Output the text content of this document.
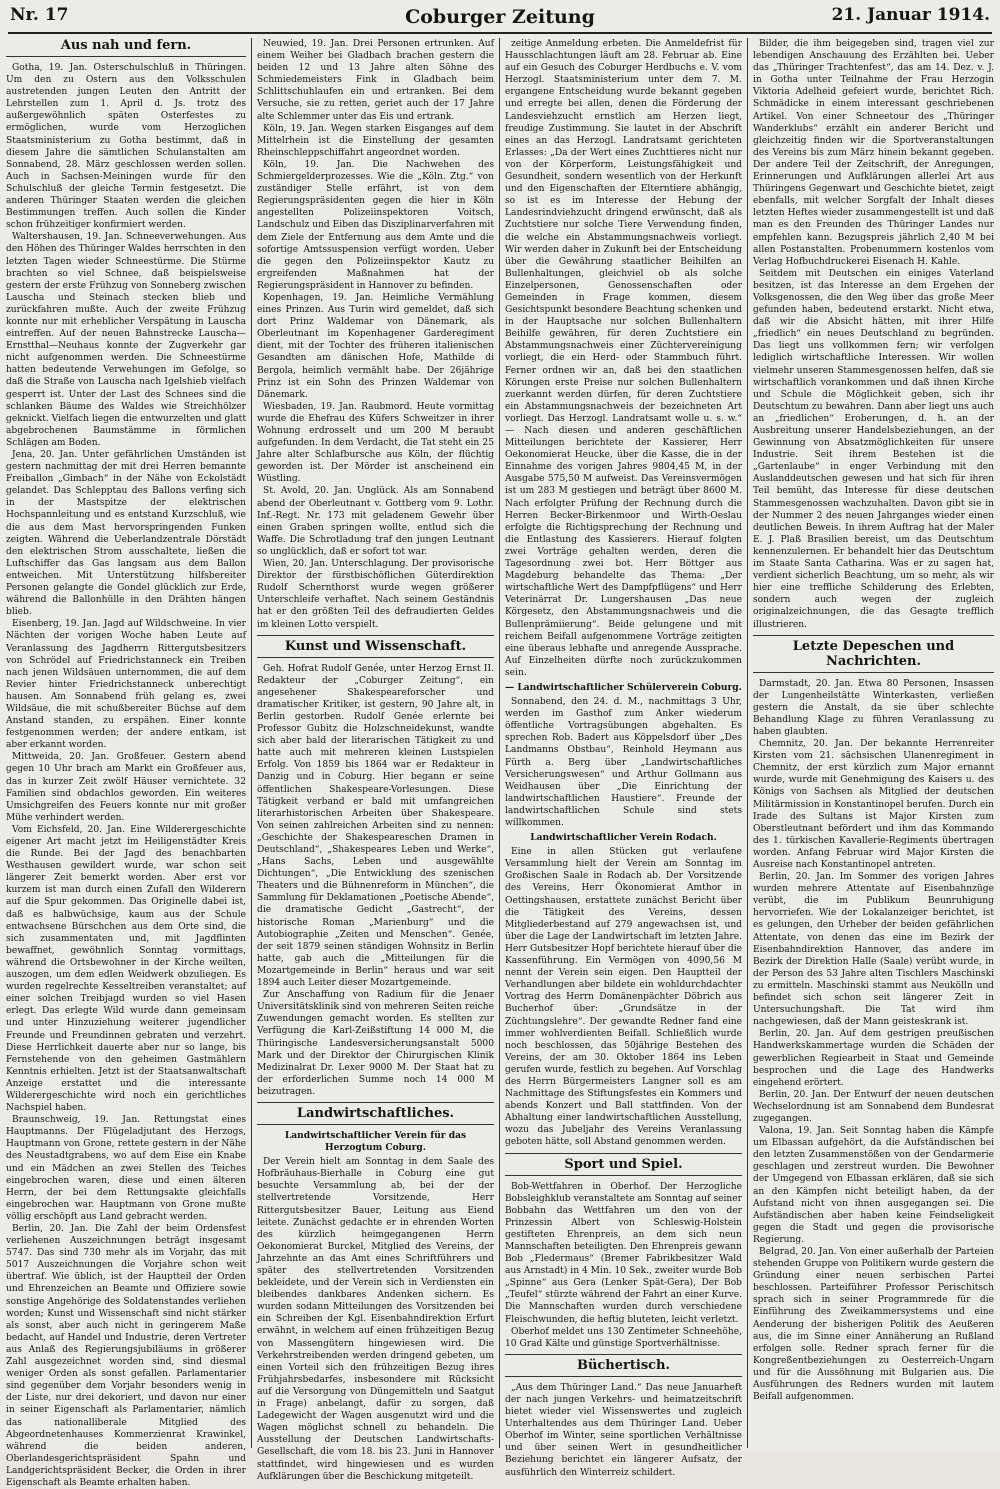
Nr. 17	Coburger Zeitung	21. Januar 1914.
Aus nah und fern.

Gotha, 19. Jan. Osterschulschluß in Thüringen. Um den zu Ostern aus den Volksschulen austretenden jungen Leuten den Antritt der Lehrstellen zum 1. April d. Js. trotz des außergewöhnlich späten Osterfestes zu ermöglichen, wurde vom Herzoglichen Staatsministerium zu Gotha bestimmt, daß in diesem Jahre die sämtlichen Schulanstalten am Sonnabend, 28. März geschlossen werden sollen. Auch in Sachsen-Meiningen wurde für den Schulschluß der gleiche Termin festgesetzt. Die anderen Thüringer Staaten werden die gleichen Bestimmungen treffen. Auch sollen die Kinder schon frühzeitiger konfirmiert werden.

Waltershausen, 19. Jan. Schneeverwehungen. Aus den Höhen des Thüringer Waldes herrschten in den letzten Tagen wieder Schneestürme. Die Stürme brachten so viel Schnee, daß beispielsweise gestern der erste Frühzug von Sonneberg zwischen Lauscha und Steinach stecken blieb und zurückfahren mußte. Auch der zweite Frühzug konnte nur mit erheblicher Verspätung in Lauscha eintreffen. Auf der neuen Bahnstrecke Lauscha—Ernstthal—Neuhaus konnte der Zugverkehr gar nicht aufgenommen werden. Die Schneestürme hatten bedeutende Verwehungen im Gefolge, so daß die Straße von Lauscha nach Igelshieb vielfach gesperrt ist. Unter der Last des Schnees sind die schlanken Bäume des Waldes wie Streichhölzer geknickt. Vielfach liegen die entwurzelten und glatt abgebrochenen Baumstämme in förmlichen Schlägen am Boden.

Jena, 20. Jan. Unter gefährlichen Umständen ist gestern nachmittag der mit drei Herren bemannte Freiballon „Gimbach“ in der Nähe von Eckolstädt gelandet. Das Schlepptau des Ballons verfing sich in der Mastspitze der elektrischen Hochspannleitung und es entstand Kurzschluß, wie die aus dem Mast hervorspringenden Funken zeigten. Während die Ueberlandzentrale Dörstädt den elektrischen Strom ausschaltete, ließen die Luftschiffer das Gas langsam aus dem Ballon entweichen. Mit Unterstützung hilfsbereiter Personen gelangte die Gondel glücklich zur Erde, während die Ballonhülle in den Drähten hängen blieb.

Eisenberg, 19. Jan. Jagd auf Wildschweine. In vier Nächten der vorigen Woche haben Leute auf Veranlassung des Jagdherrn Rittergutsbesitzers von Schrödel auf Friedrichstanneck ein Treiben nach jenen Wildsäuen unternommen, die auf dem Revier hinter Friedrichstanneck unberechtigt hausen. Am Sonnabend früh gelang es, zwei Wildsäue, die mit schußbereiter Büchse auf dem Anstand standen, zu erspähen. Einer konnte festgenommen werden; der andere entkam, ist aber erkannt worden.

Mittweida, 20. Jan. Großfeuer. Gestern abend gegen 10 Uhr brach am Markt ein Großfeuer aus, das in kurzer Zeit zwölf Häuser vernichtete. 32 Familien sind obdachlos geworden. Ein weiteres Umsichgreifen des Feuers konnte nur mit großer Mühe verhindert werden.

Vom Eichsfeld, 20. Jan. Eine Wilderergeschichte eigener Art macht jetzt im Heiligenstädter Kreis die Runde. Bei der Jagd des benachbarten Westhausen gewildert wurde, war schon seit längerer Zeit bemerkt worden. Aber erst vor kurzem ist man durch einen Zufall den Wilderern auf die Spur gekommen. Das Originelle dabei ist, daß es halbwüchsige, kaum aus der Schule entwachsene Bürschchen aus dem Orte sind, die sich zusammentaten und, mit Jagdflinten bewaffnet, gewöhnlich Sonntag vormittags, während die Ortsbewohner in der Kirche weilten, auszogen, um dem edlen Weidwerk obzuliegen. Es wurden regelrechte Kesseltreiben veranstaltet; auf einer solchen Treibjagd wurden so viel Hasen erlegt. Das erlegte Wild wurde dann gemeinsam und unter Hinzuziehung weiterer jugendlicher Freunde und Freundinnen gebraten und verzehrt. Diese Herrlichkeit dauerte aber nur so lange, bis Fernstehende von den geheimen Gastmählern Kenntnis erhielten. Jetzt ist der Staatsanwaltschaft Anzeige erstattet und die interessante Wilderergeschichte wird noch ein gerichtliches Nachspiel haben.

Braunschweig, 19. Jan. Rettungstat eines Hauptmanns. Der Flügeladjutant des Herzogs, Hauptmann von Grone, rettete gestern in der Nähe des Neustadtgrabens, wo auf dem Eise ein Knabe und ein Mädchen an zwei Stellen des Teiches eingebrochen waren, diese und einen älteren Herrn, der bei dem Rettungsakte gleichfalls eingebrochen war. Hauptmann von Grone mußte völlig erschöpft aus Land gebracht werden.

Berlin, 20. Jan. Die Zahl der beim Ordensfest verliehenen Auszeichnungen beträgt insgesamt 5747. Das sind 730 mehr als im Vorjahr, das mit 5017 Auszeichnungen die Vorjahre schon weit übertraf. Wie üblich, ist der Hauptteil der Orden und Ehrenzeichen an Beamte und Offiziere sowie sonstige Angehörige des Soldatenstandes verliehen worden; Kunst und Wissenschaft sind nicht stärker als sonst, aber auch nicht in geringerem Maße bedacht, auf Handel und Industrie, deren Vertreter aus Anlaß des Regierungsjubiläums in größerer Zahl ausgezeichnet worden sind, sind diesmal weniger Orden als sonst gefallen. Parlamentarier sind gegenüber dem Vorjahr besonders wenig in der Liste, nur drei dekoriert, und davon nur einer in seiner Eigenschaft als Parlamentarier, nämlich das nationalliberale Mitglied des Abgeordnetenhauses Kommerzienrat Krawinkel, während die beiden anderen, Oberlandesgerichtspräsident Spahn und Landgerichtspräsident Becker, die Orden in ihrer Eigenschaft als Beamte erhalten haben.

Neuwied, 19. Jan. Drei Personen ertrunken. Auf einem Weiher bei Gladbach brachen gestern die beiden 12 und 13 Jahre alten Söhne des Schmiedemeisters Fink in Gladbach beim Schlittschuhlaufen ein und ertranken. Bei dem Versuche, sie zu retten, geriet auch der 17 Jahre alte Schlemmer unter das Eis und ertrank.

Köln, 19. Jan. Wegen starken Eisganges auf dem Mittelrhein ist die Einstellung der gesamten Rheinschleppschiffahrt angeordnet worden.

Köln, 19. Jan. Die Nachwehen des Schmiergelderprozesses. Wie die „Köln. Ztg.“ von zuständiger Stelle erfährt, ist von dem Regierungspräsidenten gegen die hier in Köln angestellten Polizeiinspektoren Voitsch, Landschulz und Eiben das Disziplinarverfahren mit dem Ziele der Entfernung aus dem Amte und die sofortige Amtssuspension verfügt worden. Ueber die gegen den Polizeiinspektor Kautz zu ergreifenden Maßnahmen hat der Regierungspräsident in Hannover zu befinden.

Kopenhagen, 19. Jan. Heimliche Vermählung eines Prinzen. Aus Turin wird gemeldet, daß sich dort Prinz Waldemar von Dänemark, als Oberleutnant im Kopenhagener Garderegiment dient, mit der Tochter des früheren italienischen Gesandten am dänischen Hofe, Mathilde di Bergola, heimlich vermählt habe. Der 26jährige Prinz ist ein Sohn des Prinzen Waldemar von Dänemark.

Wiesbaden, 19. Jan. Raubmord. Heute vormittag wurde die Ehefrau des Küfers Schweitzer in ihrer Wohnung erdrosselt und um 200 M beraubt aufgefunden. In dem Verdacht, die Tat steht ein 25 Jahre alter Schlafbursche aus Köln, der flüchtig geworden ist. Der Mörder ist anscheinend ein Wüstling.

St. Avold, 20. Jan. Unglück. Als am Sonnabend abend der Oberleutnant v. Gottberg vom 9. Lothr. Inf.-Regt. Nr. 173 mit geladenem Gewehr über einen Graben springen wollte, entlud sich die Waffe. Die Schrotladung traf den jungen Leutnant so unglücklich, daß er sofort tot war.

Wien, 20. Jan. Unterschlagung. Der provisorische Direktor der fürstbischöflichen Güterdirektion Rudolf Schernthorst wurde wegen größerer Unterschleife verhaftet. Nach seinem Geständnis hat er den größten Teil des defraudierten Geldes im kleinen Lotto verspielt.

Kunst und Wissenschaft.

Geh. Hofrat Rudolf Genée, unter Herzog Ernst II. Redakteur der „Coburger Zeitung“, ein angesehener Shakespeareforscher und dramatischer Kritiker, ist gestern, 90 Jahre alt, in Berlin gestorben. Rudolf Genée erlernte bei Professor Gubitz die Holzschneidekunst, wandte sich aber bald der literarischen Tätigkeit zu und hatte auch mit mehreren kleinen Lustspielen Erfolg. Von 1859 bis 1864 war er Redakteur in Danzig und in Coburg. Hier begann er seine öffentlichen Shakespeare-Vorlesungen. Diese Tätigkeit verband er bald mit umfangreichen literarhistorischen Arbeiten über Shakespeare. Von seinen zahlreichen Arbeiten sind zu nennen: „Geschichte der Shakespeareschen Dramen in Deutschland“, „Shakespeares Leben und Werke“, „Hans Sachs, Leben und ausgewählte Dichtungen“, „Die Entwicklung des szenischen Theaters und die Bühnenreform in München“, die Sammlung für Deklamationen „Poetische Abende“, die dramatische Gedicht „Gastrecht“, der historische Roman „Marienburg“ und die Autobiographie „Zeiten und Menschen“. Genée, der seit 1879 seinen ständigen Wohnsitz in Berlin hatte, gab auch die „Mitteilungen für die Mozartgemeinde in Berlin“ heraus und war seit 1894 auch Leiter dieser Mozartgemeinde.

Zur Anschaffung von Radium für die Jenaer Universitätsklinik sind von mehreren Seiten reiche Zuwendungen gemacht worden. Es stellten zur Verfügung die Karl-Zeißstiftung 14 000 M, die Thüringische Landesversicherungsanstalt 5000 Mark und der Direktor der Chirurgischen Klinik Medizinalrat Dr. Lexer 9000 M. Der Staat hat zu der erforderlichen Summe noch 14 000 M beizutragen.

Landwirtschaftliches.
Landwirtschaftlicher Verein für das Herzogtum Coburg.

Der Verein hielt am Sonntag in dem Saale des Hofbräuhaus-Bierhalle in Coburg eine gut besuchte Versammlung ab, bei der der stellvertretende Vorsitzende, Herr Rittergutsbesitzer Bauer, Leitung aus Eiend leitete. Zunächst gedachte er in ehrenden Worten des kürzlich heimgegangenen Herrn Oekonomierat Burckel, Mitglied des Vereins, der Jahrzehnte an das Amt eines Schriftführers und später des stellvertretenden Vorsitzenden bekleidete, und der Verein sich in Verdiensten ein bleibendes dankbares Andenken sichern. Es wurden sodann Mitteilungen des Vorsitzenden bei ein Schreiben der Kgl. Eisenbahndirektion Erfurt erwähnt, in welchem auf einen frühzeitigen Bezug von Massengütern hingewiesen wird. Die Verkehrstreibenden werden dringend gebeten, um einen Vorteil sich den frühzeitigen Bezug ihres Frühjahrsbedarfes, insbesondere mit Rücksicht auf die Versorgung von Düngemitteln und Saatgut in Frage) anbelangt, dafür zu sorgen, daß Ladegewicht der Wagen ausgenutzt wird und die Wagen möglichst schnell zu behandeln. Die Ausstellung der Deutschen Landwirtschafts-Gesellschaft, die vom 18. bis 23. Juni in Hannover stattfindet, wird hingewiesen und es wurden Aufklärungen über die Beschickung mitgeteilt.

zeitige Anmeldung erbeten. Die Anmeldefrist für Hausschlachtungen läuft am 28. Februar ab. Eine auf ein Gesuch des Coburger Herdbuchs e. V. vom Herzogl. Staatsministerium unter dem 7. M. ergangene Entscheidung wurde bekannt gegeben und erregte bei allen, denen die Förderung der Landesviehzucht ernstlich am Herzen liegt, freudige Zustimmung. Sie lautet in der Abschrift eines an das Herzogl. Landratsamt gerichteten Erlasses: „Da der Wert eines Zuchttieres nicht nur von der Körperform, Leistungsfähigkeit und Gesundheit, sondern wesentlich von der Herkunft und den Eigenschaften der Elterntiere abhängig, so ist es im Interesse der Hebung der Landesrindviehzucht dringend erwünscht, daß als Zuchtstiere nur solche Tiere Verwendung finden, die welche ein Abstammungsnachweis vorliegt. Wir werden daher in Zukunft bei der Entscheidung über die Gewährung staatlicher Beihilfen an Bullenhaltungen, gleichviel ob als solche Einzelpersonen, Genossenschaften oder Gemeinden in Frage kommen, diesem Gesichtspunkt besondere Beachtung schenken und in der Hauptsache nur solchen Bullenhaltern Beihilfe gewähren, für deren Zuchtstiere ein Abstammungsnachweis einer Züchtervereinigung vorliegt, die ein Herd- oder Stammbuch führt. Ferner ordnen wir an, daß bei den staatlichen Körungen erste Preise nur solchen Bullenhaltern zuerkannt werden dürfen, für deren Zuchtstiere ein Abstammungsnachweis der bezeichneten Art vorliegt. Das Herzogl. Landratsamt wolle u. s. w.“ — Nach diesen und anderen geschäftlichen Mitteilungen berichtete der Kassierer, Herr Oekonomierat Heucke, über die Kasse, die in der Einnahme des vorigen Jahres 9804,45 M, in der Ausgabe 575,50 M aufweist. Das Vereinsvermögen ist um 283 M gestiegen und beträgt über 8600 M. Nach erfolgter Prüfung der Rechnung durch die Herren Becker-Birkenmoor und Wirth-Oeslau erfolgte die Richtigsprechung der Rechnung und die Entlastung des Kassierers. Hierauf folgten zwei Vorträge gehalten werden, deren die Tagesordnung zwei bot. Herr Böttger aus Magdeburg behandelte das Thema: „Der wirtschaftliche Wert des Dampfpflügens“ und Herr Veterinärrat Dr. Lungershausen „Das neue Körgesetz, den Abstammungsnachweis und die Bullenprämiierung“. Beide gelungene und mit reichem Beifall aufgenommene Vorträge zeitigten eine überaus lebhafte und anregende Aussprache. Auf Einzelheiten dürfte noch zurückzukommen sein.

— Landwirtschaftlicher Schülerverein Coburg.

Sonnabend, den 24. d. M., nachmittags 3 Uhr, werden im Gasthof zum Anker wiederum öffentliche Vortragsübungen abgehalten. Es sprechen Rob. Badert aus Köppelsdorf über „Des Landmanns Obstbau“, Reinhold Heymann aus Fürth a. Berg über „Landwirtschaftliches Versicherungswesen“ und Arthur Gollmann aus Weidhausen über „Die Einrichtung der landwirtschaftlichen Haustiere“. Freunde der landwirtschaftlichen Schule sind stets willkommen.

Landwirtschaftlicher Verein Rodach.

Eine in allen Stücken gut verlaufene Versammlung hielt der Verein am Sonntag im Großischen Saale in Rodach ab. Der Vorsitzende des Vereins, Herr Ökonomierat Amthor in Oettingshausen, erstattete zunächst Bericht über die Tätigkeit des Vereins, dessen Mitgliederbestand auf 279 angewachsen ist, und über die Lage der Landwirtschaft im letzten Jahre. Herr Gutsbesitzer Hopf berichtete hierauf über die Kassenführung. Ein Vermögen von 4090,56 M nennt der Verein sein eigen. Den Hauptteil der Verhandlungen aber bildete ein wohldurchdachter Vortrag des Herrn Domänenpächter Döbrich aus Bucherhof über: „Grundsätze in der Züchtungslehre“. Der gewandte Redner fand eine immer wohlverdienten Beifall. Schließlich wurde noch beschlossen, das 50jährige Bestehen des Vereins, der am 30. Oktober 1864 ins Leben gerufen wurde, festlich zu begehen. Auf Vorschlag des Herrn Bürgermeisters Langner soll es am Nachmittage des Stiftungsfestes ein Kommers und abends Konzert und Ball stattfinden. Von der Abhaltung einer landwirtschaftlichen Ausstellung, wozu das Jubeljahr des Vereins Veranlassung geboten hätte, soll Abstand genommen werden.

Sport und Spiel.

Bob-Wettfahren in Oberhof. Der Herzogliche Bobsleighklub veranstaltete am Sonntag auf seiner Bobbahn das Wettfahren um den von der Prinzessin Albert von Schleswig-Holstein gestifteten Ehrenpreis, an dem sich neun Mannschaften beteiligten. Den Ehrenpreis gewann Bob „Fledermaus“ (Bremer Fabrikbesitzer Wald aus Arnstadt) in 4 Min. 10 Sek., zweiter wurde Bob „Spinne“ aus Gera (Lenker Spät-Gera), Der Bob „Teufel“ stürzte während der Fahrt an einer Kurve. Die Mannschaften wurden durch verschiedene Fleischwunden, die heftig bluteten, leicht verletzt.

Oberhof meldet uns 130 Zentimeter Schneehöhe, 10 Grad Kälte und günstige Sportverhältnisse.

Büchertisch.

„Aus dem Thüringer Land.“ Das neue Januarheft der nach jungen Verkehrs- und heimatzeitschrift bietet wieder viel Wissenswertes und zugleich Unterhaltendes aus dem Thüringer Land. Ueber Oberhof im Winter, seine sportlichen Verhältnisse und über seinen Wert in gesundheitlicher Beziehung berichtet ein längerer Aufsatz, der ausführlich den Winterreiz schildert.

Bilder, die ihm beigegeben sind, tragen viel zur lebendigen Anschauung des Erzählten bei. Ueber das „Thüringer Trachtenfest“, das am 14. Dez. v. J. in Gotha unter Teilnahme der Frau Herzogin Viktoria Adelheid gefeiert wurde, berichtet Rich. Schmädicke in einem interessant geschriebenen Artikel. Von einer Schneetour des „Thüringer Wanderklubs“ erzählt ein anderer Bericht und gleichzeitig finden wir die Sportveranstaltungen des Vereins bis zum März hinein bekannt gegeben. Der andere Teil der Zeitschrift, der Anregungen, Erinnerungen und Aufklärungen allerlei Art aus Thüringens Gegenwart und Geschichte bietet, zeigt ebenfalls, mit welcher Sorgfalt der Inhalt dieses letzten Heftes wieder zusammengestellt ist und daß man es den Freunden des Thüringer Landes nur empfehlen kann. Bezugspreis jährlich 2,40 M bei allen Postanstalten. Probenummern kostenlos vom Verlag Hofbuchdruckerei Eisenach H. Kahle.

Seitdem mit Deutschen ein einiges Vaterland besitzen, ist das Interesse an dem Ergehen der Volksgenossen, die den Weg über das große Meer gefunden haben, bedeutend erstarkt. Nicht etwa, daß wir die Absicht hätten, mit ihrer Hilfe „friedlich“ ein neues Deutschland zu begründen. Das liegt uns vollkommen fern; wir verfolgen lediglich wirtschaftliche Interessen. Wir wollen vielmehr unseren Stammesgenossen helfen, daß sie wirtschaftlich vorankommen und daß ihnen Kirche und Schule die Möglichkeit geben, sich ihr Deutschtum zu bewahren. Dann aber liegt uns auch an „friedlichen“ Eroberungen, d. h. an der Ausbreitung unserer Handelsbeziehungen, an der Gewinnung von Absatzmöglichkeiten für unsere Industrie. Seit ihrem Bestehen ist die „Gartenlaube“ in enger Verbindung mit den Auslanddeutschen gewesen und hat sich für ihren Teil bemüht, das Interesse für diese deutschen Stammesgenossen wachzuhalten. Davon gibt sie in der Nummer 2 des neuen Jahrganges wieder einen deutlichen Beweis. In ihrem Auftrag hat der Maler E. J. Plaß Brasilien bereist, um das Deutschtum kennenzulernen. Er behandelt hier das Deutschtum im Staate Santa Catharina. Was er zu sagen hat, verdient sicherlich Beachtung, um so mehr, als wir hier eine treffliche Schilderung des Erlebten, sondern auch wegen der zugleich originalzeichnungen, die das Gesagte trefflich illustrieren.

Letzte Depeschen und Nachrichten.

Darmstadt, 20. Jan. Etwa 80 Personen, Insassen der Lungenheilstätte Winterkasten, verließen gestern die Anstalt, da sie über schlechte Behandlung Klage zu führen Veranlassung zu haben glaubten.

Chemnitz, 20. Jan. Der bekannte Herrenreiter Kirsten vom 21. sächsischen Ulanenregiment in Chemnitz, der erst kürzlich zum Major ernannt wurde, wurde mit Genehmigung des Kaisers u. des Königs von Sachsen als Mitglied der deutschen Militärmission in Konstantinopel berufen. Durch ein Irade des Sultans ist Major Kirsten zum Oberstleutnant befördert und ihm das Kommando des 1. türkischen Kavallerie-Regiments übertragen worden. Anfang Februar wird Major Kirsten die Ausreise nach Konstantinopel antreten.

Berlin, 20. Jan. Im Sommer des vorigen Jahres wurden mehrere Attentate auf Eisenbahnzüge verübt, die im Publikum Beunruhigung hervorriefen. Wie der Lokalanzeiger berichtet, ist es gelungen, den Urheber der beiden gefährlichen Attentate, von denen das eine im Bezirk der Eisenbahndirektion Hannover, das andere im Bezirk der Direktion Halle (Saale) verübt wurde, in der Person des 53 Jahre alten Tischlers Maschinski zu ermitteln. Maschinski stammt aus Neukölln und befindet sich schon seit längerer Zeit in Untersuchungshaft. Die Tat wird ihm nachgewiesen, daß der Mann geisteskrank ist.

Berlin, 20. Jan. Auf dem gestrigen preußischen Handwerkskammertage wurden die Schäden der gewerblichen Regiearbeit in Staat und Gemeinde besprochen und die Lage des Handwerks eingehend erörtert.

Berlin, 20. Jan. Der Entwurf der neuen deutschen Wechselordnung ist am Sonnabend dem Bundesrat zugegangen.

Valona, 19. Jan. Seit Sonntag haben die Kämpfe um Elbassan aufgehört, da die Aufständischen bei den letzten Zusammenstößen von der Gendarmerie geschlagen und zerstreut wurden. Die Bewohner der Umgegend von Elbassan erklären, daß sie sich an den Kämpfen nicht beteiligt haben, da der Aufstand nicht von ihnen ausgegangen sei. Die Aufständischen aber haben keine Feindseligkeit gegen die Stadt und gegen die provisorische Regierung.

Belgrad, 20. Jan. Von einer außerhalb der Parteien stehenden Gruppe von Politikern wurde gestern die Gründung einer neuen serbischen Partei beschlossen. Parteiführer Professor Perischitsch sprach sich in seiner Programmrede für die Einführung des Zweikammersystems und eine Aenderung der bisherigen Politik des Aeußeren aus, die im Sinne einer Annäherung an Rußland erfolgen solle. Redner sprach ferner für die Kongreßentbeziehungen zu Oesterreich-Ungarn und für die Aussöhnung mit Bulgarien aus. Die Ausführungen des Redners wurden mit lautem Beifall aufgenommen.
